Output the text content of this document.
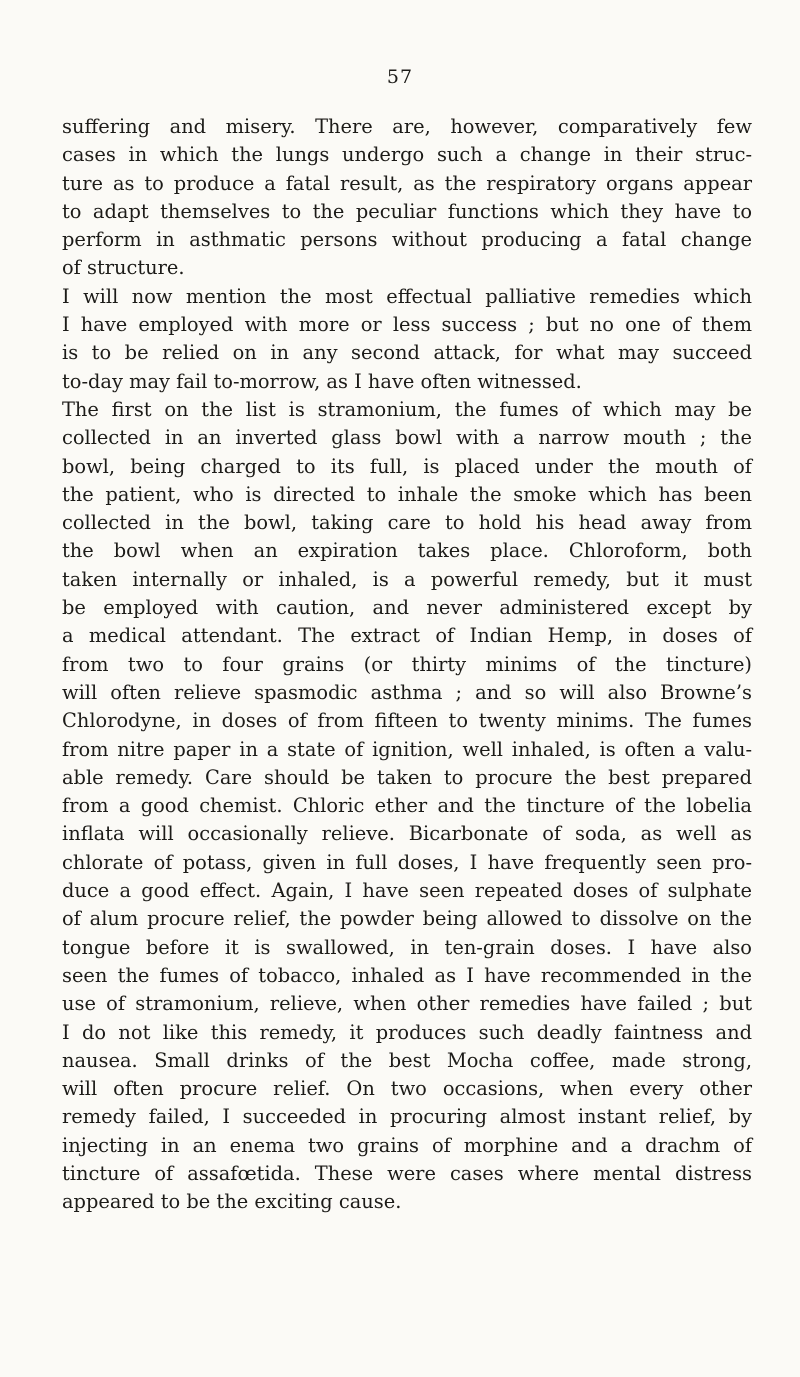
57
suffering and misery. There are, however, comparatively few
cases in which the lungs undergo such a change in their struc-
ture as to produce a fatal result, as the respiratory organs appear
to adapt themselves to the peculiar functions which they have to
perform in asthmatic persons without producing a fatal change
of structure.
I will now mention the most effectual palliative remedies which
I have employed with more or less success ; but no one of them
is to be relied on in any second attack, for what may succeed
to-day may fail to-morrow, as I have often witnessed.
The first on the list is stramonium, the fumes of which may be
collected in an inverted glass bowl with a narrow mouth ; the
bowl, being charged to its full, is placed under the mouth of
the patient, who is directed to inhale the smoke which has been
collected in the bowl, taking care to hold his head away from
the bowl when an expiration takes place. Chloroform, both
taken internally or inhaled, is a powerful remedy, but it must
be employed with caution, and never administered except by
a medical attendant. The extract of Indian Hemp, in doses of
from two to four grains (or thirty minims of the tincture)
will often relieve spasmodic asthma ; and so will also Browne’s
Chlorodyne, in doses of from fifteen to twenty minims. The fumes
from nitre paper in a state of ignition, well inhaled, is often a valu-
able remedy. Care should be taken to procure the best prepared
from a good chemist. Chloric ether and the tincture of the lobelia
inflata will occasionally relieve. Bicarbonate of soda, as well as
chlorate of potass, given in full doses, I have frequently seen pro-
duce a good effect. Again, I have seen repeated doses of sulphate
of alum procure relief, the powder being allowed to dissolve on the
tongue before it is swallowed, in ten-grain doses. I have also
seen the fumes of tobacco, inhaled as I have recommended in the
use of stramonium, relieve, when other remedies have failed ; but
I do not like this remedy, it produces such deadly faintness and
nausea. Small drinks of the best Mocha coffee, made strong,
will often procure relief. On two occasions, when every other
remedy failed, I succeeded in procuring almost instant relief, by
injecting in an enema two grains of morphine and a drachm of
tincture of assafœtida. These were cases where mental distress
appeared to be the exciting cause.
